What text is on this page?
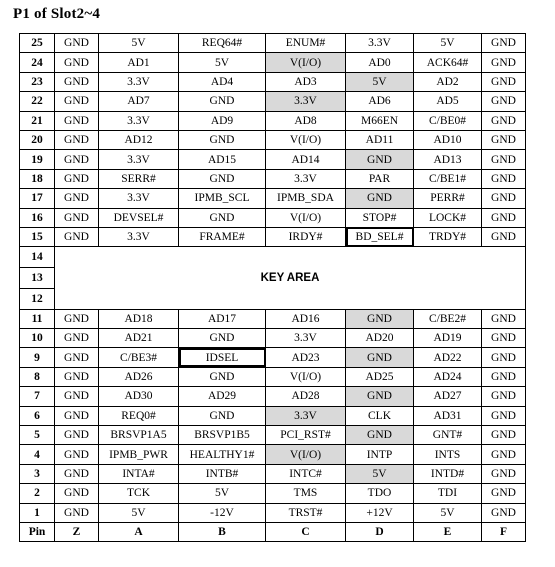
P1 of Slot2~4
25	GND	5V	REQ64#	ENUM#	3.3V	5V	GND
24	GND	AD1	5V	V(I/O)	AD0	ACK64#	GND
23	GND	3.3V	AD4	AD3	5V	AD2	GND
22	GND	AD7	GND	3.3V	AD6	AD5	GND
21	GND	3.3V	AD9	AD8	M66EN	C/BE0#	GND
20	GND	AD12	GND	V(I/O)	AD11	AD10	GND
19	GND	3.3V	AD15	AD14	GND	AD13	GND
18	GND	SERR#	GND	3.3V	PAR	C/BE1#	GND
17	GND	3.3V	IPMB_SCL	IPMB_SDA	GND	PERR#	GND
16	GND	DEVSEL#	GND	V(I/O)	STOP#	LOCK#	GND
15	GND	3.3V	FRAME#	IRDY#	BD_SEL#	TRDY#	GND
14	KEY AREA						
13							
12							
11	GND	AD18	AD17	AD16	GND	C/BE2#	GND
10	GND	AD21	GND	3.3V	AD20	AD19	GND
9	GND	C/BE3#	IDSEL	AD23	GND	AD22	GND
8	GND	AD26	GND	V(I/O)	AD25	AD24	GND
7	GND	AD30	AD29	AD28	GND	AD27	GND
6	GND	REQ0#	GND	3.3V	CLK	AD31	GND
5	GND	BRSVP1A5	BRSVP1B5	PCI_RST#	GND	GNT#	GND
4	GND	IPMB_PWR	HEALTHY1#	V(I/O)	INTP	INTS	GND
3	GND	INTA#	INTB#	INTC#	5V	INTD#	GND
2	GND	TCK	5V	TMS	TDO	TDI	GND
1	GND	5V	-12V	TRST#	+12V	5V	GND
Pin	Z	A	B	C	D	E	F
